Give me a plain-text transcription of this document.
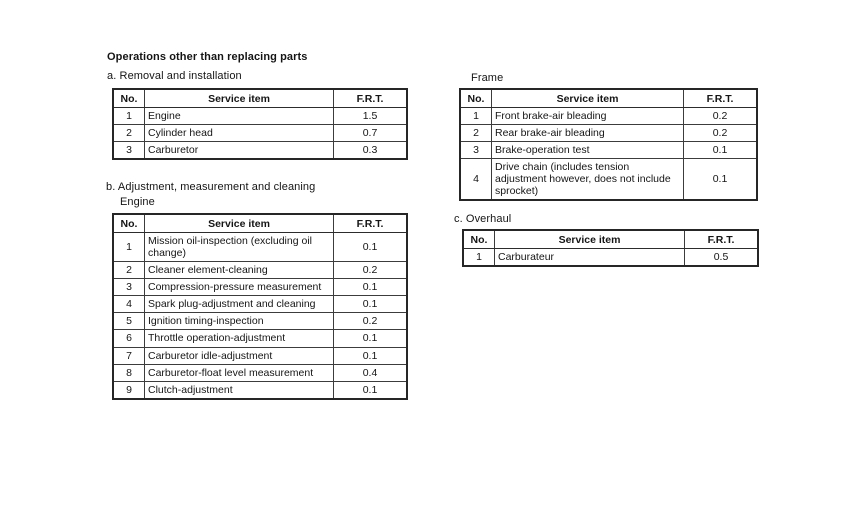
Operations other than replacing parts
a. Removal and installation
No.	Service item	F.R.T.
1	Engine	1.5
2	Cylinder head	0.7
3	Carburetor	0.3
Frame
No.	Service item	F.R.T.
1	Front brake-air bleading	0.2
2	Rear brake-air bleading	0.2
3	Brake-operation test	0.1
4	Drive chain (includes tension adjustment however, does not include sprocket)	0.1
b. Adjustment, measurement and cleaning
Engine
No.	Service item	F.R.T.
1	Mission oil-inspection (excluding oil change)	0.1
2	Cleaner element-cleaning	0.2
3	Compression-pressure measurement	0.1
4	Spark plug-adjustment and cleaning	0.1
5	Ignition timing-inspection	0.2
6	Throttle operation-adjustment	0.1
7	Carburetor idle-adjustment	0.1
8	Carburetor-float level measurement	0.4
9	Clutch-adjustment	0.1
c. Overhaul
No.	Service item	F.R.T.
1	Carburateur	0.5
